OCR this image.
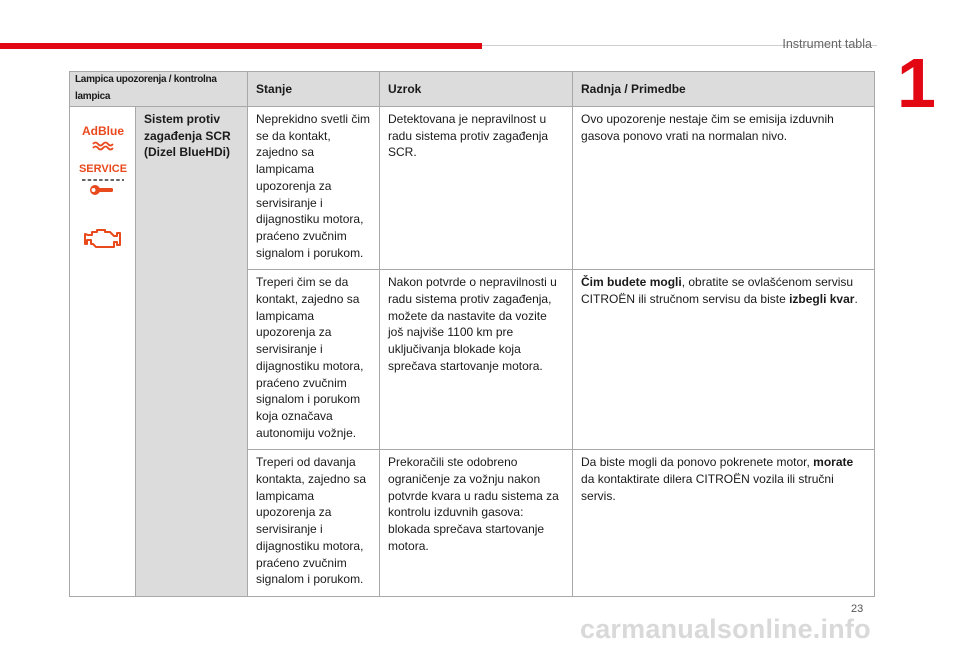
Instrument tabla 1
Lampica upozorenja / kontrolna lampica		Stanje	Uzrok	Radnja / Primedbe

AdBlue
SERVICE	Sistem protiv zagađenja SCR (Dizel BlueHDi)	Neprekidno svetli čim se da kontakt, zajedno sa lampicama upozorenja za servisiranje i dijagnostiku motora, praćeno zvučnim signalom i porukom.	Detektovana je nepravilnost u radu sistema protiv zagađenja SCR.	Ovo upozorenje nestaje čim se emisija izduvnih gasova ponovo vrati na normalan nivo.
		Treperi čim se da kontakt, zajedno sa lampicama upozorenja za servisiranje i dijagnostiku motora, praćeno zvučnim signalom i porukom koja označava autonomiju vožnje.	Nakon potvrde o nepravilnosti u radu sistema protiv zagađenja, možete da nastavite da vozite još najviše 1100 km pre uključivanja blokade koja sprečava startovanje motora.	Čim budete mogli, obratite se ovlašćenom servisu CITROËN ili stručnom servisu da biste izbegli kvar.
		Treperi od davanja kontakta, zajedno sa lampicama upozorenja za servisiranje i dijagnostiku motora, praćeno zvučnim signalom i porukom.	Prekoračili ste odobreno ograničenje za vožnju nakon potvrde kvara u radu sistema za kontrolu izduvnih gasova: blokada sprečava startovanje motora.	Da biste mogli da ponovo pokrenete motor, morate da kontaktirate dilera CITROËN vozila ili stručni servis.
23
carmanualsonline.info
